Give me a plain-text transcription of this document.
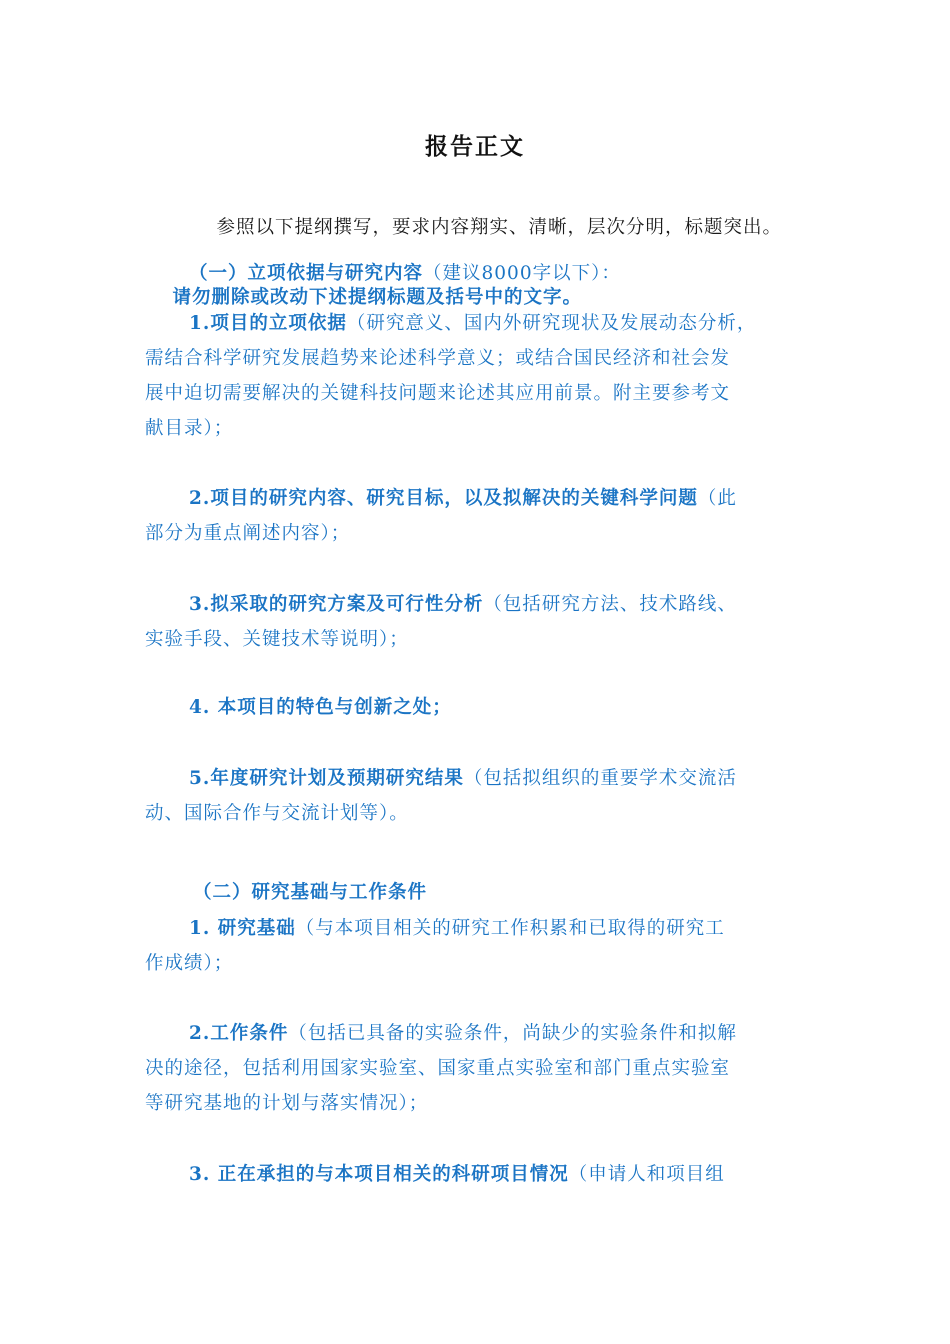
报告正文

参照以下提纲撰写，要求内容翔实、清晰，层次分明，标题突出。

请勿删除或改动下述提纲标题及括号中的文字。

（一）立项依据与研究内容（建议8000字以下）：
1.项目的立项依据（研究意义、国内外研究现状及发展动态分析，
需结合科学研究发展趋势来论述科学意义；或结合国民经济和社会发
展中迫切需要解决的关键科技问题来论述其应用前景。附主要参考文
献目录）；
2.项目的研究内容、研究目标，以及拟解决的关键科学问题（此
部分为重点阐述内容）；
3.拟采取的研究方案及可行性分析（包括研究方法、技术路线、
实验手段、关键技术等说明）；
4. 本项目的特色与创新之处；
5.年度研究计划及预期研究结果（包括拟组织的重要学术交流活
动、国际合作与交流计划等）。
（二）研究基础与工作条件
1. 研究基础（与本项目相关的研究工作积累和已取得的研究工
作成绩）；
2.工作条件（包括已具备的实验条件，尚缺少的实验条件和拟解
决的途径，包括利用国家实验室、国家重点实验室和部门重点实验室
等研究基地的计划与落实情况）；
3. 正在承担的与本项目相关的科研项目情况（申请人和项目组
